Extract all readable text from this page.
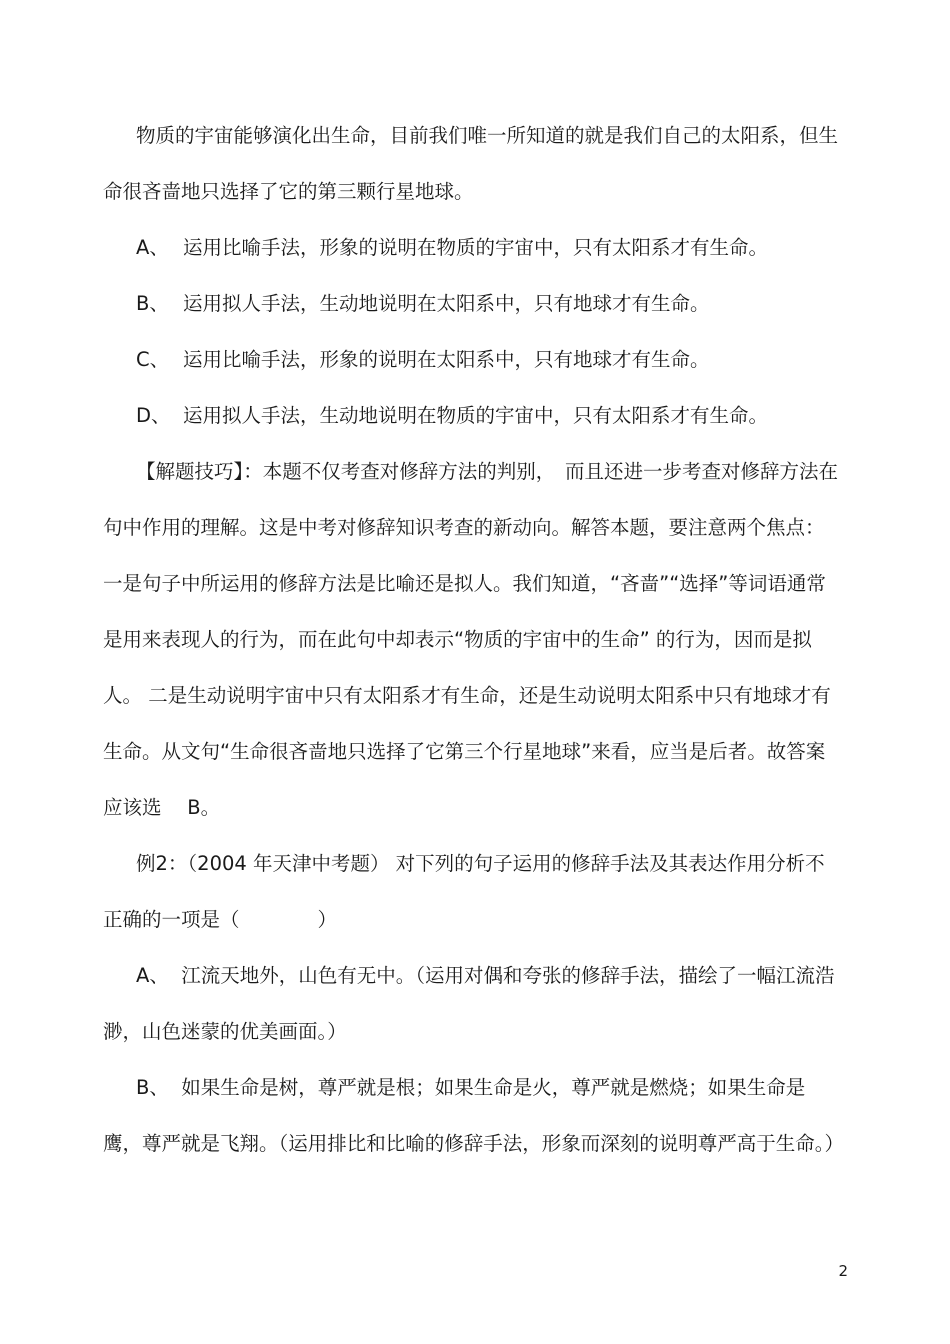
物质的宇宙能够演化出生命，目前我们唯一所知道的就是我们自己的太阳系，但生命很吝啬地只选择了它的第三颗行星地球。

A、 运用比喻手法，形象的说明在物质的宇宙中，只有太阳系才有生命。

B、 运用拟人手法，生动地说明在太阳系中，只有地球才有生命。

C、 运用比喻手法，形象的说明在太阳系中，只有地球才有生命。

D、 运用拟人手法，生动地说明在物质的宇宙中，只有太阳系才有生命。

【解题技巧】：本题不仅考查对修辞方法的判别，　而且还进一步考查对修辞方法在句中作用的理解。这是中考对修辞知识考查的新动向。解答本题，要注意两个焦点：一是句子中所运用的修辞方法是比喻还是拟人。我们知道，“吝啬”“选择”等词语通常是用来表现人的行为，而在此句中却表示“物质的宇宙中的生命” 的行为，因而是拟人。 二是生动说明宇宙中只有太阳系才有生命，还是生动说明太阳系中只有地球才有生命。从文句“生命很吝啬地只选择了它第三个行星地球”来看，应当是后者。故答案应该选　 B。

例2：（2004 年天津中考题） 对下列的句子运用的修辞手法及其表达作用分析不正确的一项是（　　　　）

A、 江流天地外，山色有无中。（运用对偶和夸张的修辞手法，描绘了一幅江流浩渺，山色迷蒙的优美画面。）

B、 如果生命是树，尊严就是根；如果生命是火，尊严就是燃烧；如果生命是鹰，尊严就是飞翔。（运用排比和比喻的修辞手法，形象而深刻的说明尊严高于生命。）

2
